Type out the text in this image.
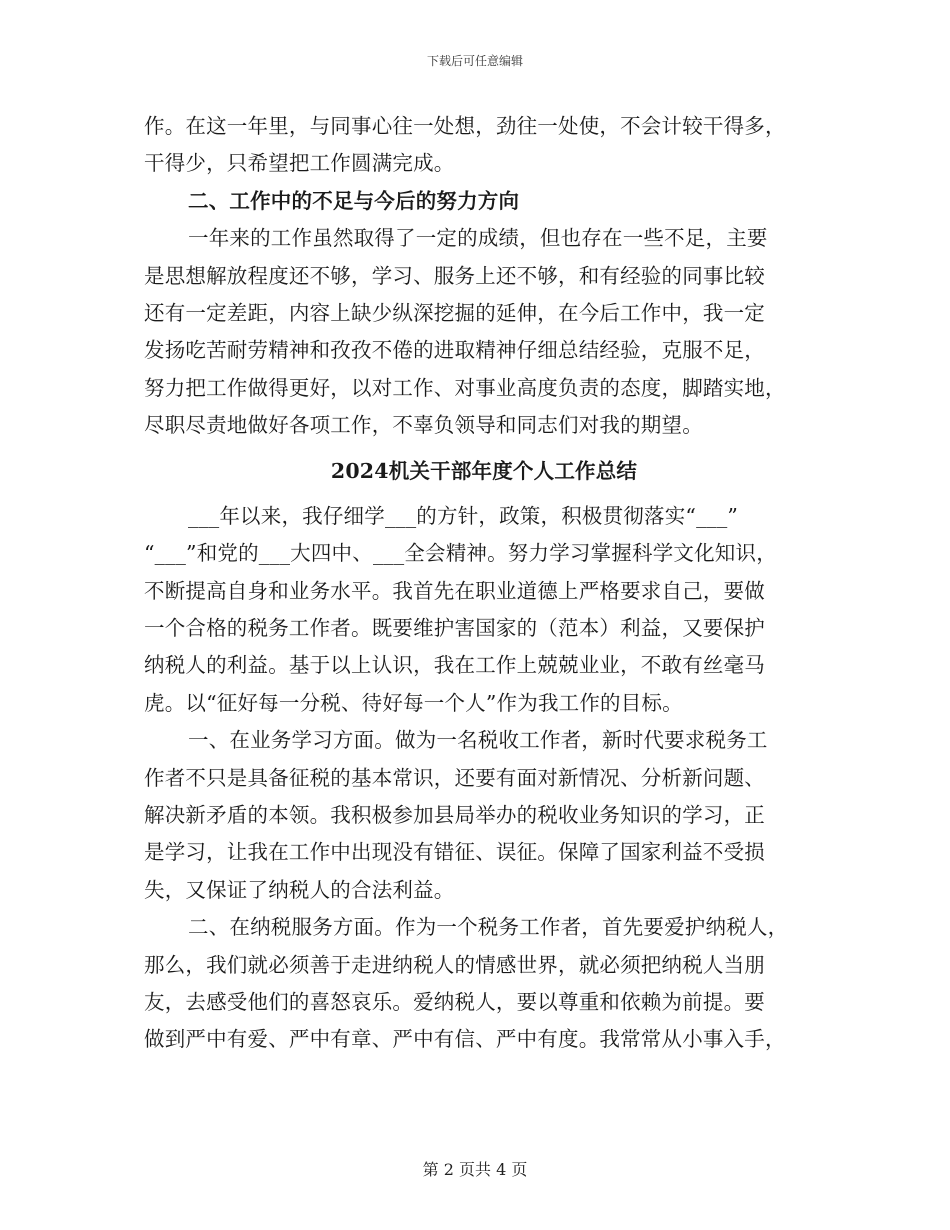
下载后可任意编辑
作。在这一年里，与同事心往一处想，劲往一处使，不会计较干得多，
干得少，只希望把工作圆满完成。
二、工作中的不足与今后的努力方向
一年来的工作虽然取得了一定的成绩，但也存在一些不足，主要
是思想解放程度还不够，学习、服务上还不够，和有经验的同事比较
还有一定差距，内容上缺少纵深挖掘的延伸，在今后工作中，我一定
发扬吃苦耐劳精神和孜孜不倦的进取精神仔细总结经验，克服不足，
努力把工作做得更好，以对工作、对事业高度负责的态度，脚踏实地，
尽职尽责地做好各项工作，不辜负领导和同志们对我的期望。
2024机关干部年度个人工作总结
___年以来，我仔细学___的方针，政策，积极贯彻落实“___”
“___”和党的___大四中、___全会精神。努力学习掌握科学文化知识，
不断提高自身和业务水平。我首先在职业道德上严格要求自己，要做
一个合格的税务工作者。既要维护害国家的（范本）利益，又要保护
纳税人的利益。基于以上认识，我在工作上兢兢业业，不敢有丝毫马
虎。以“征好每一分税、待好每一个人”作为我工作的目标。
一、在业务学习方面。做为一名税收工作者，新时代要求税务工
作者不只是具备征税的基本常识，还要有面对新情况、分析新问题、
解决新矛盾的本领。我积极参加县局举办的税收业务知识的学习，正
是学习，让我在工作中出现没有错征、误征。保障了国家利益不受损
失，又保证了纳税人的合法利益。
二、在纳税服务方面。作为一个税务工作者，首先要爱护纳税人，
那么，我们就必须善于走进纳税人的情感世界，就必须把纳税人当朋
友，去感受他们的喜怒哀乐。爱纳税人，要以尊重和依赖为前提。要
做到严中有爱、严中有章、严中有信、严中有度。我常常从小事入手，
第 2 页共 4 页
